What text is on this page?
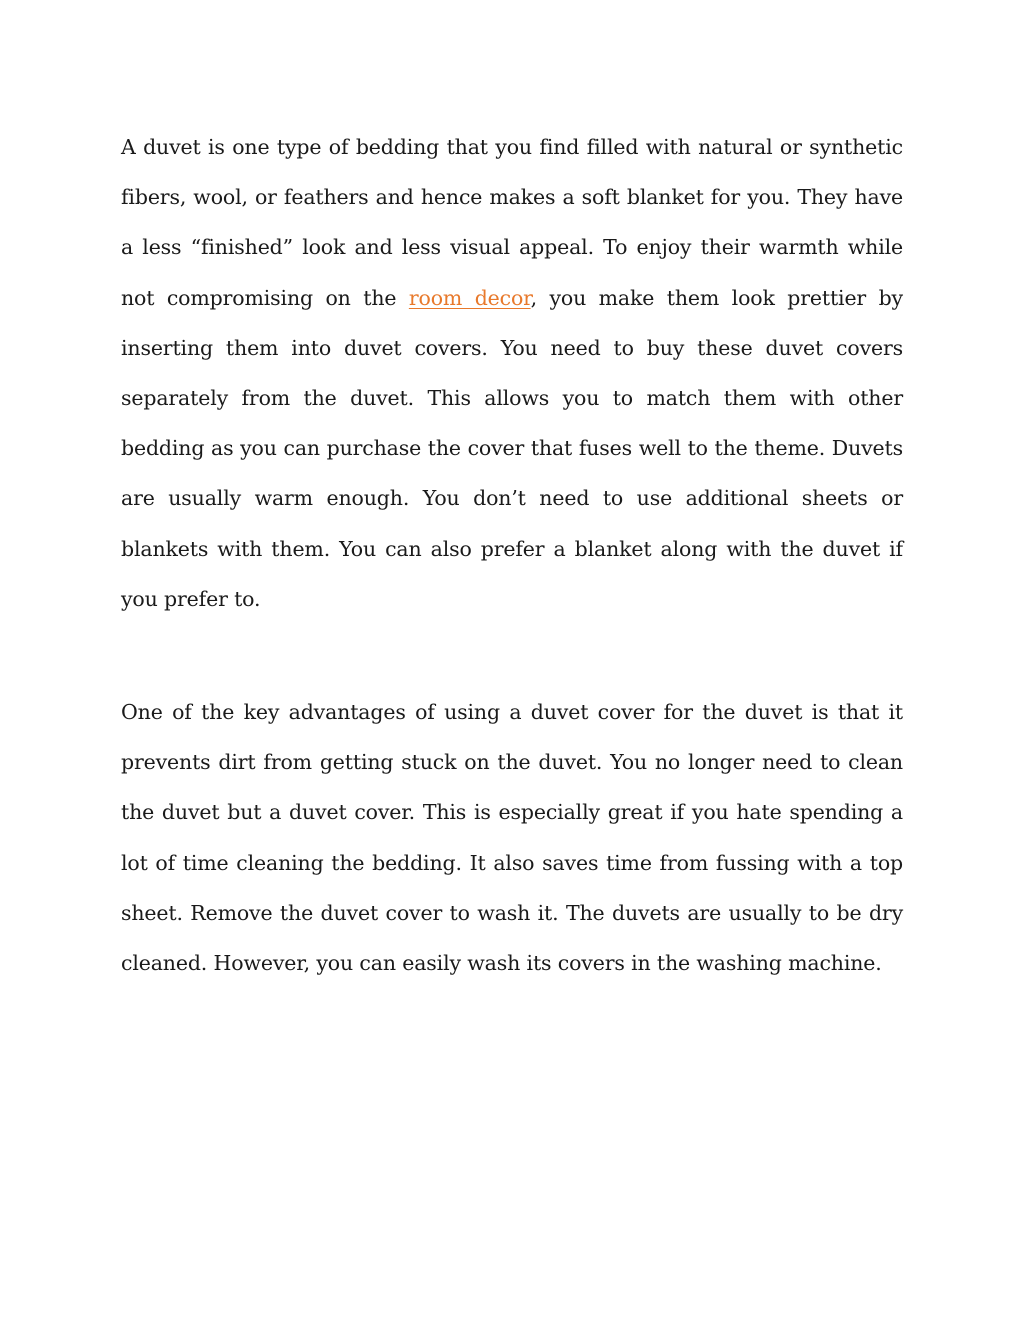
A duvet is one type of bedding that you find filled with natural or synthetic fibers, wool, or feathers and hence makes a soft blanket for you. They have a less “finished” look and less visual appeal. To enjoy their warmth while not compromising on the room decor, you make them look prettier by inserting them into duvet covers. You need to buy these duvet covers separately from the duvet. This allows you to match them with other bedding as you can purchase the cover that fuses well to the theme. Duvets are usually warm enough. You don’t need to use additional sheets or blankets with them. You can also prefer a blanket along with the duvet if you prefer to.

One of the key advantages of using a duvet cover for the duvet is that it prevents dirt from getting stuck on the duvet. You no longer need to clean the duvet but a duvet cover. This is especially great if you hate spending a lot of time cleaning the bedding. It also saves time from fussing with a top sheet. Remove the duvet cover to wash it. The duvets are usually to be dry cleaned. However, you can easily wash its covers in the washing machine.
